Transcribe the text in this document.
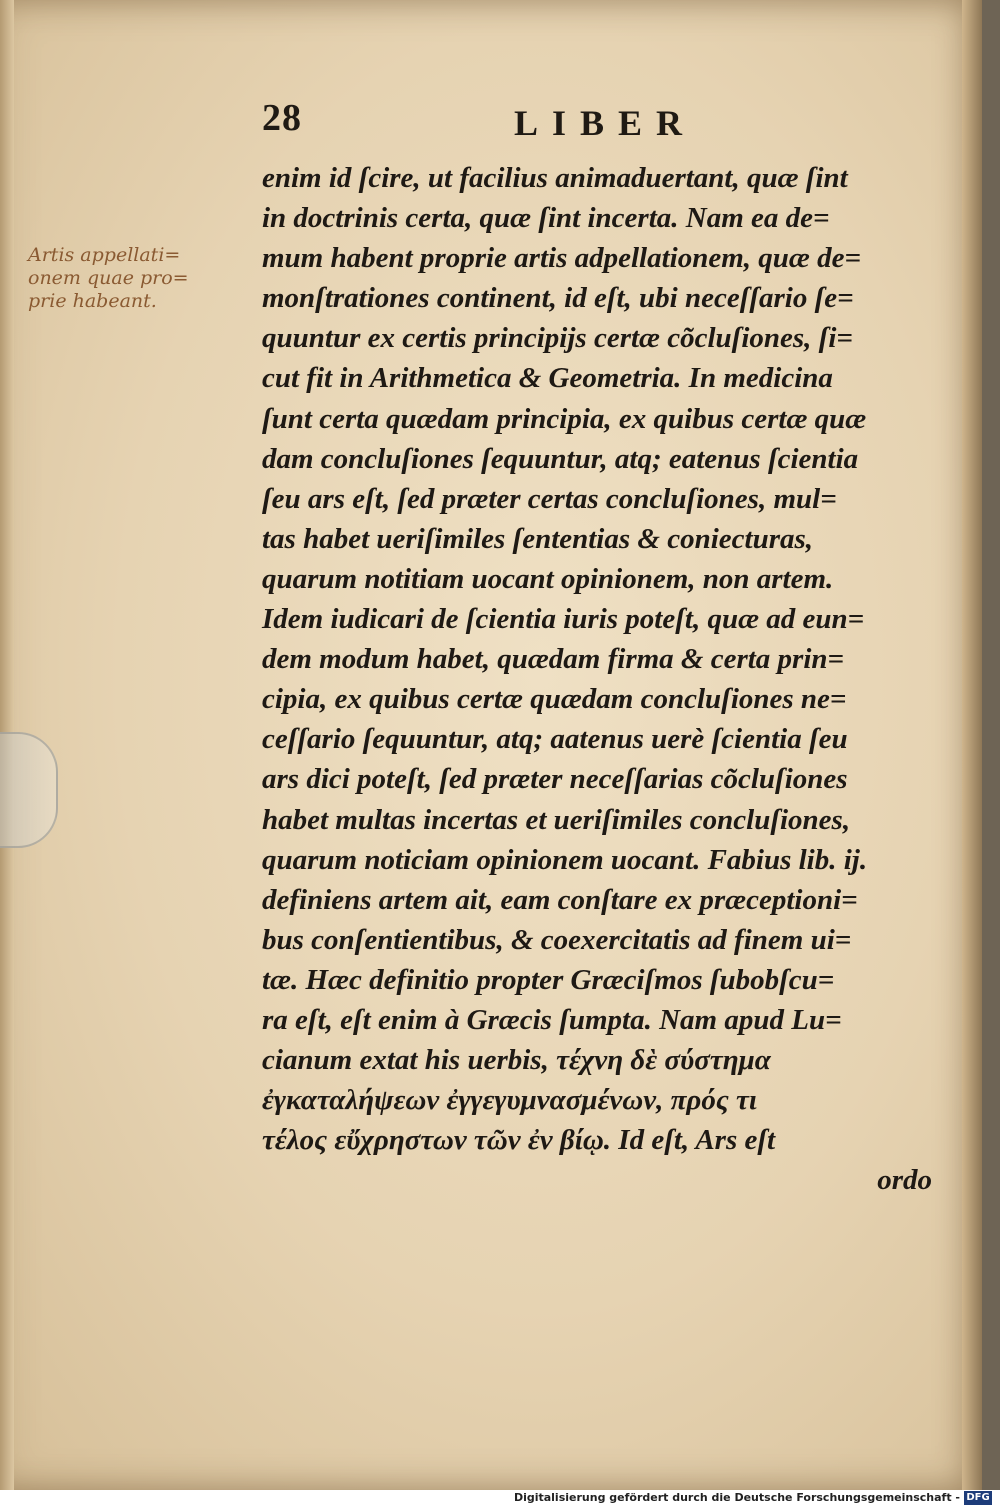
28	LIBER
Artis appellati=
onem quae pro=
prie habeant.
enim id ſcire, ut facilius animaduertant, quæ ſint
in doctrinis certa, quæ ſint incerta. Nam ea de=
mum habent proprie artis adpellationem, quæ de=
monſtrationes continent, id eſt, ubi neceſſario ſe=
quuntur ex certis principijs certæ cõcluſiones, ſi=
cut fit in Arithmetica & Geometria. In medicina
ſunt certa quædam principia, ex quibus certæ quæ
dam concluſiones ſequuntur, atq; eatenus ſcientia
ſeu ars eſt, ſed præter certas concluſiones, mul=
tas habet ueriſimiles ſententias & coniecturas,
quarum notitiam uocant opinionem, non artem.
Idem iudicari de ſcientia iuris poteſt, quæ ad eun=
dem modum habet, quædam firma & certa prin=
cipia, ex quibus certæ quædam concluſiones ne=
ceſſario ſequuntur, atq; aatenus uerè ſcientia ſeu
ars dici poteſt, ſed præter neceſſarias cõcluſiones
habet multas incertas et ueriſimiles concluſiones,
quarum noticiam opinionem uocant. Fabius lib. ij.
definiens artem ait, eam conſtare ex præceptioni=
bus conſentientibus, & coexercitatis ad finem ui=
tæ. Hæc definitio propter Græciſmos ſubobſcu=
ra eſt, eſt enim à Græcis ſumpta. Nam apud Lu=
cianum extat his uerbis, τέχνη δὲ σύστημα
ἐγκαταλήψεων ἐγγεγυμνασμένων, πρός τι
τέλος εὔχρηστων τῶν ἐν βίῳ. Id eſt, Ars eſt
ordo
Digitalisierung gefördert durch die Deutsche Forschungsgemeinschaft - DFG
